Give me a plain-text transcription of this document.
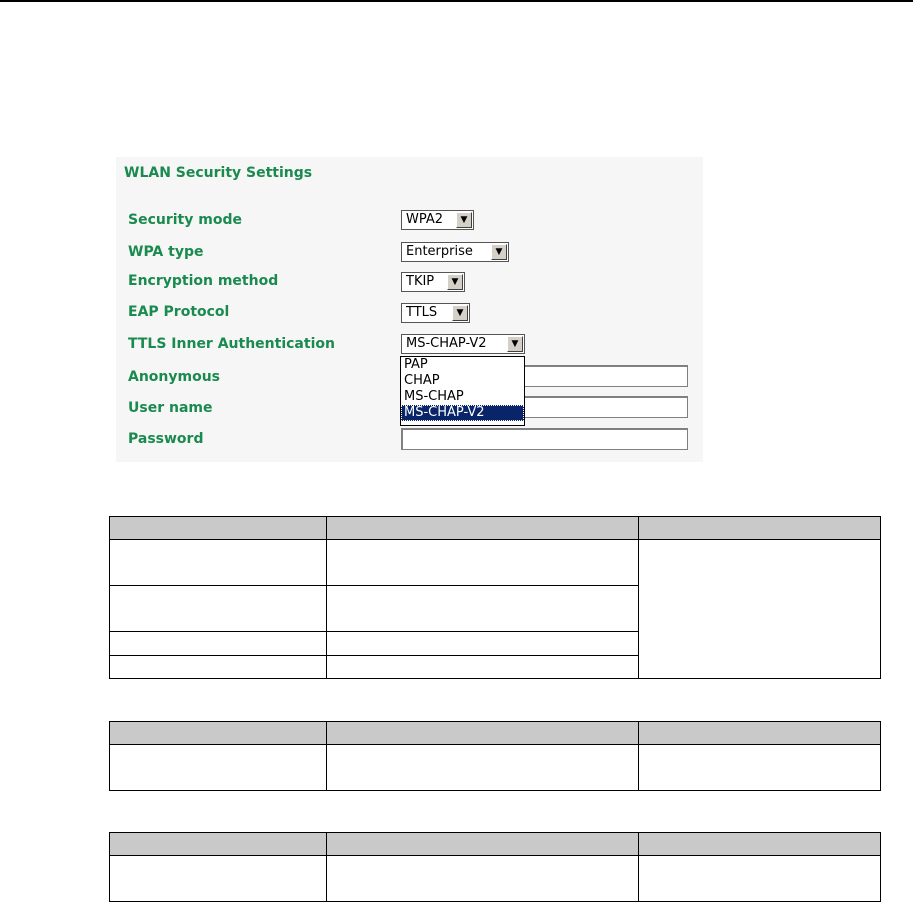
WLAN Security Settings
Security mode	WPA2	▼
WPA type	Enterprise	▼
Encryption method	TKIP	▼
EAP Protocol	TTLS	▼
TTLS Inner Authentication	MS-CHAP-V2	▼
Anonymous
User name
Password
PAP
CHAP
MS-CHAP
MS-CHAP-V2
